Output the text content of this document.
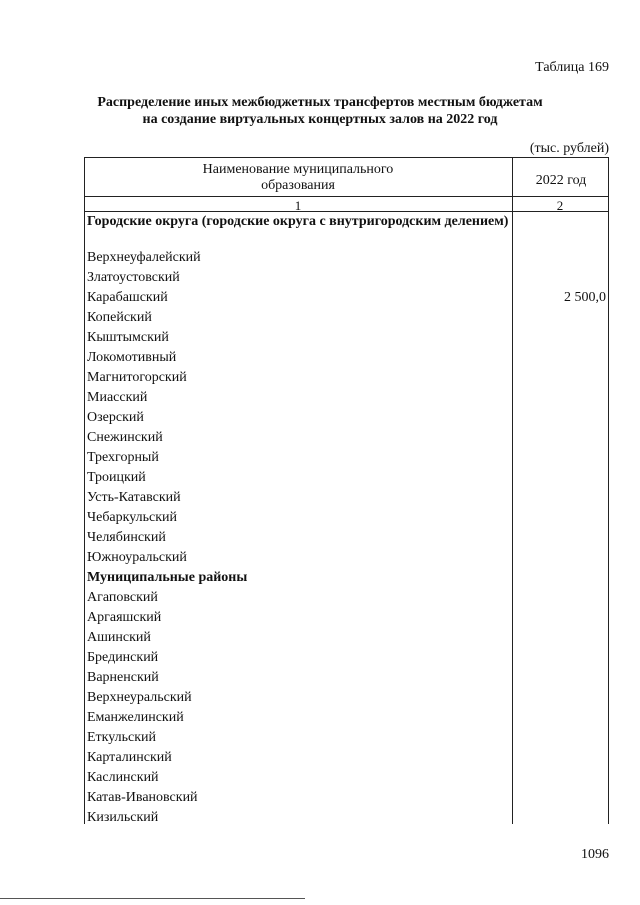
Таблица 169
Распределение иных межбюджетных трансфертов местным бюджетам
на создание виртуальных концертных залов на 2022 год
(тыс. рублей)
Наименование муниципального
образования	2022 год
1	2
Городские округа (городские округа с внутригородским делением)
Верхнеуфалейский
Златоустовский
Карабашский	2 500,0
Копейский
Кыштымский
Локомотивный
Магнитогорский
Миасский
Озерский
Снежинский
Трехгорный
Троицкий
Усть-Катавский
Чебаркульский
Челябинский
Южноуральский
Муниципальные районы
Агаповский
Аргаяшский
Ашинский
Брединский
Варненский
Верхнеуральский
Еманжелинский
Еткульский
Карталинский
Каслинский
Катав-Ивановский
Кизильский
1096
